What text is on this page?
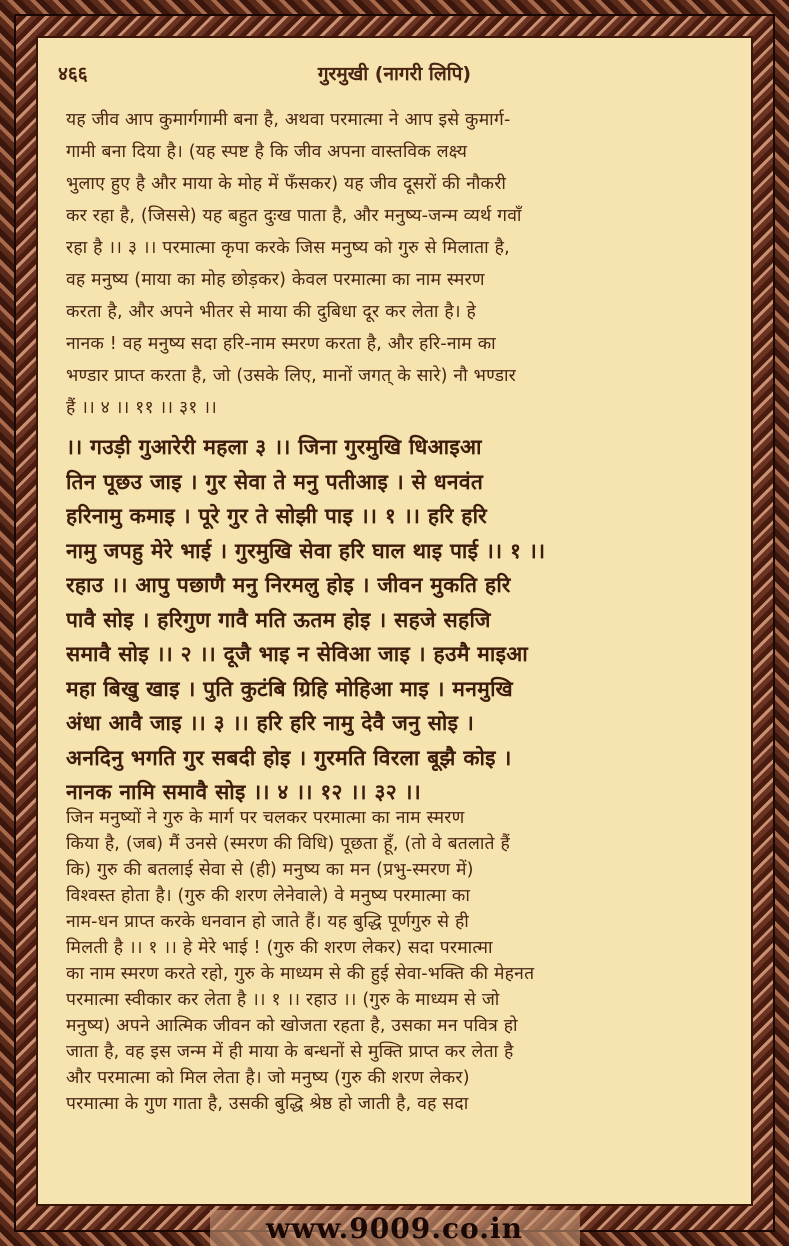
४६६	गुरमुखी (नागरी लिपि)
यह जीव आप कुमार्गगामी बना है, अथवा परमात्मा ने आप इसे कुमार्ग-
गामी बना दिया है। (यह स्पष्ट है कि जीव अपना वास्तविक लक्ष्य
भुलाए हुए है और माया के मोह में फँसकर) यह जीव दूसरों की नौकरी
कर रहा है, (जिससे) यह बहुत दुःख पाता है, और मनुष्य-जन्म व्यर्थ गवाँ
रहा है ।। ३ ।। परमात्मा कृपा करके जिस मनुष्य को गुरु से मिलाता है,
वह मनुष्य (माया का मोह छोड़कर) केवल परमात्मा का नाम स्मरण
करता है, और अपने भीतर से माया की दुबिधा दूर कर लेता है। हे
नानक ! वह मनुष्य सदा हरि-नाम स्मरण करता है, और हरि-नाम का
भण्डार प्राप्त करता है, जो (उसके लिए, मानों जगत् के सारे) नौ भण्डार
हैं ।। ४ ।। ११ ।। ३१ ।।
।। गउड़ी गुआरेरी महला ३ ।। जिना गुरमुखि धिआइआ
तिन पूछउ जाइ । गुर सेवा ते मनु पतीआइ । से धनवंत
हरिनामु कमाइ । पूरे गुर ते सोझी पाइ ।। १ ।। हरि हरि
नामु जपहु मेरे भाई । गुरमुखि सेवा हरि घाल थाइ पाई ।। १ ।।
रहाउ ।। आपु पछाणै मनु निरमलु होइ । जीवन मुकति हरि
पावै सोइ । हरिगुण गावै मति ऊतम होइ । सहजे सहजि
समावै सोइ ।। २ ।। दूजै भाइ न सेविआ जाइ । हउमै माइआ
महा बिखु खाइ । पुति कुटंबि ग्रिहि मोहिआ माइ । मनमुखि
अंधा आवै जाइ ।। ३ ।। हरि हरि नामु देवै जनु सोइ ।
अनदिनु भगति गुर सबदी होइ । गुरमति विरला बूझै कोइ ।
नानक नामि समावै सोइ ।। ४ ।। १२ ।। ३२ ।।
जिन मनुष्यों ने गुरु के मार्ग पर चलकर परमात्मा का नाम स्मरण
किया है, (जब) मैं उनसे (स्मरण की विधि) पूछता हूँ, (तो वे बतलाते हैं
कि) गुरु की बतलाई सेवा से (ही) मनुष्य का मन (प्रभु-स्मरण में)
विश्वस्त होता है। (गुरु की शरण लेनेवाले) वे मनुष्य परमात्मा का
नाम-धन प्राप्त करके धनवान हो जाते हैं। यह बुद्धि पूर्णगुरु से ही
मिलती है ।। १ ।। हे मेरे भाई ! (गुरु की शरण लेकर) सदा परमात्मा
का नाम स्मरण करते रहो, गुरु के माध्यम से की हुई सेवा-भक्ति की मेहनत
परमात्मा स्वीकार कर लेता है ।। १ ।। रहाउ ।। (गुरु के माध्यम से जो
मनुष्य) अपने आत्मिक जीवन को खोजता रहता है, उसका मन पवित्र हो
जाता है, वह इस जन्म में ही माया के बन्धनों से मुक्ति प्राप्त कर लेता है
और परमात्मा को मिल लेता है। जो मनुष्य (गुरु की शरण लेकर)
परमात्मा के गुण गाता है, उसकी बुद्धि श्रेष्ठ हो जाती है, वह सदा
www.9009.co.in
